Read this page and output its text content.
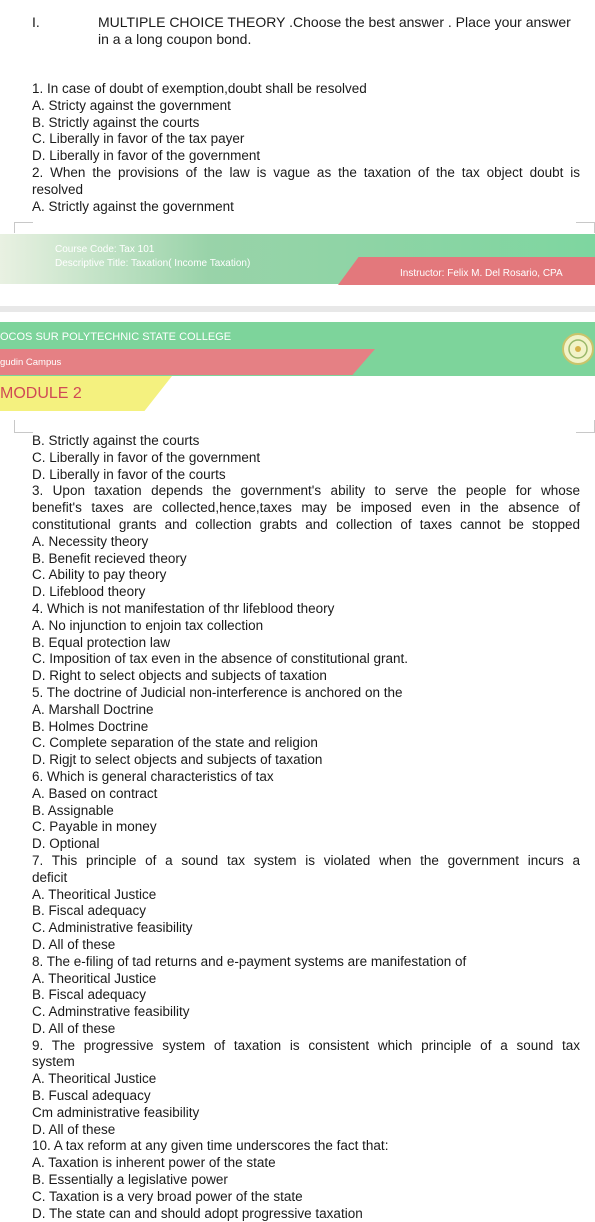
I.	MULTIPLE CHOICE THEORY .Choose the best answer . Place your answer in a a long coupon bond.

1. In case of doubt of exemption,doubt shall be resolved

A. Stricty against the government

B. Strictly against the courts

C. Liberally in favor of the tax payer

D. Liberally in favor of the government

2. When the provisions of the law is vague as the taxation of the tax object doubt is

resolved

A. Strictly against the government

Course Code: Tax 101
Descriptive Title: Taxation( Income Taxation)
Instructor: Felix M. Del Rosario, CPA
OCOS SUR POLYTECHNIC STATE COLLEGE
gudin Campus
MODULE 2

B. Strictly against the courts

C. Liberally in favor of the government

D. Liberally in favor of the courts

3. Upon taxation depends the government's ability to serve the people for whose

benefit's taxes are collected,hence,taxes may be imposed even in the absence of

constitutional grants and collection grabts and collection of taxes cannot be stopped

A. Necessity theory

B. Benefit recieved theory

C. Ability to pay theory

D. Lifeblood theory

4. Which is not manifestation of thr lifeblood theory

A. No injunction to enjoin tax collection

B. Equal protection law

C. Imposition of tax even in the absence of constitutional grant.

D. Right to select objects and subjects of taxation

5. The doctrine of Judicial non-interference is anchored on the

A. Marshall Doctrine

B. Holmes Doctrine

C. Complete separation of the state and religion

D. Rigjt to select objects and subjects of taxation

6. Which is general characteristics of tax

A. Based on contract

B. Assignable

C. Payable in money

D. Optional

7. This principle of a sound tax system is violated when the government incurs a

deficit

A. Theoritical Justice

B. Fiscal adequacy

C. Administrative feasibility

D. All of these

8. The e-filing of tad returns and e-payment systems are manifestation of

A. Theoritical Justice

B. Fiscal adequacy

C. Adminstrative feasibility

D. All of these

9. The progressive system of taxation is consistent which principle of a sound tax

system

A. Theoritical Justice

B. Fuscal adequacy

Cm administrative feasibility

D. All of these

10. A tax reform at any given time underscores the fact that:

A. Taxation is inherent power of the state

B. Essentially a legislative power

C. Taxation is a very broad power of the state

D. The state can and should adopt progressive taxation
